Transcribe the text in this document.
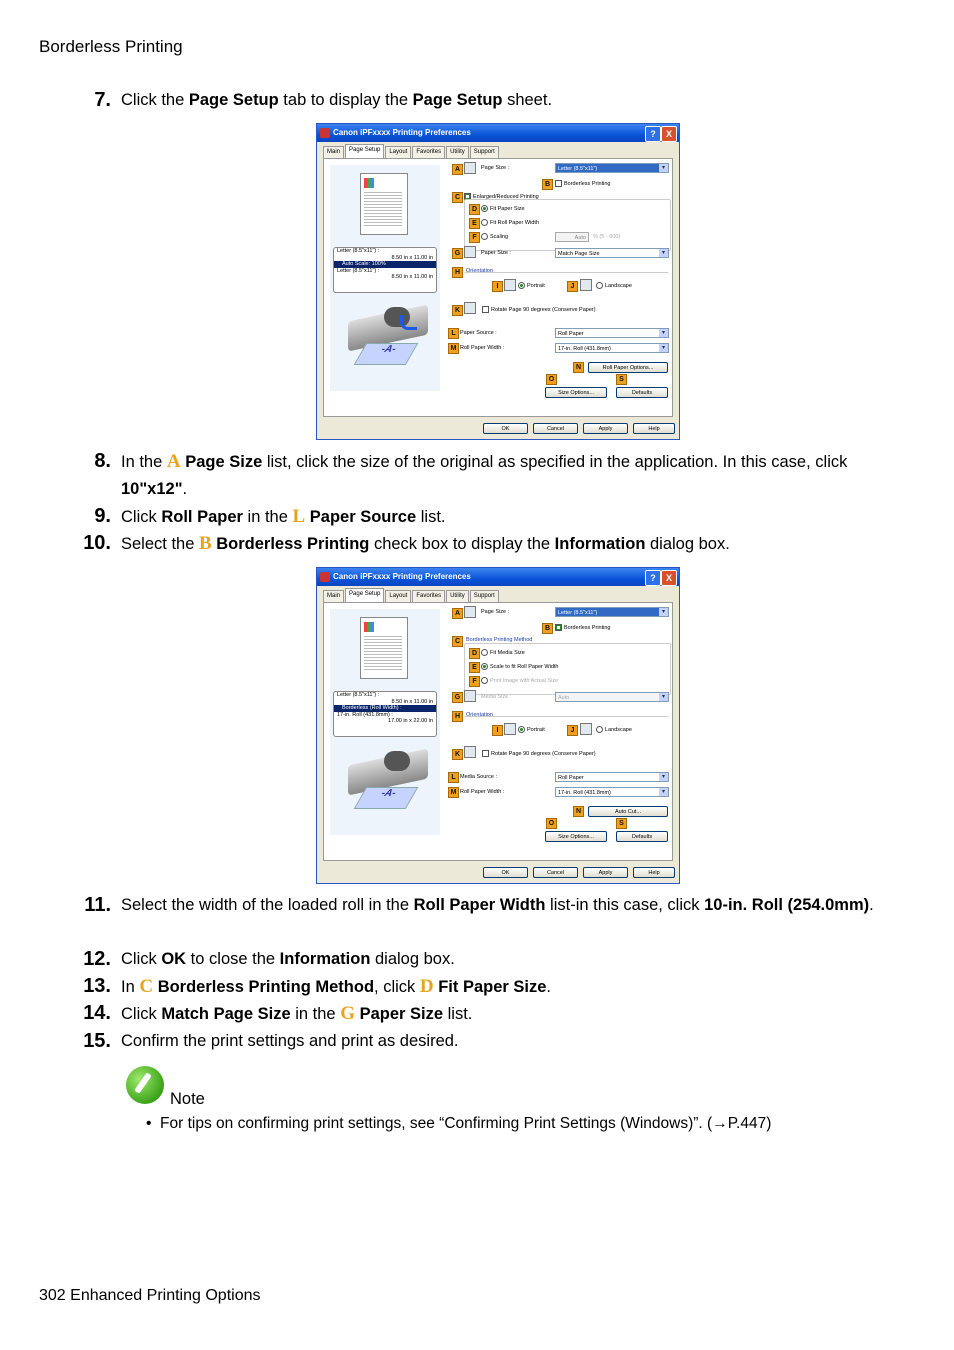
Borderless Printing
7. Click the Page Setup tab to display the Page Setup sheet.
Canon iPFxxxx Printing Preferences	?	X
Main	Page Setup	Layout	Favorites	Utility	Support
Letter (8.5"x11") :
8.50 in x 11.00 in
Auto Scale: 100%
Letter (8.5"x11") :
8.50 in x 11.00 in
-A-
A	Page Size :	Letter (8.5"x11") ▾
B	Borderless Printing
C	Enlarged/Reduced Printing
D	Fit Paper Size
E	Fit Roll Paper Width
F	Scaling	Auto	% (5 - 600)
G	Paper Size :	Match Page Size ▾
H	Orientation
I	Portrait	J	Landscape
K	Rotate Page 90 degrees (Conserve Paper)
L Paper Source :	Roll Paper ▾
M Roll Paper Width :	17-in. Roll (431.8mm) ▾
N	Roll Paper Options...
O	S
Size Options...	Defaults
OK	Cancel	Apply	Help
8. In the A Page Size list, click the size of the original as specified in the application. In this case, click 10"x12".
9. Click Roll Paper in the L Paper Source list.
10. Select the B Borderless Printing check box to display the Information dialog box.
Canon iPFxxxx Printing Preferences	?	X
Main	Page Setup	Layout	Favorites	Utility	Support
Letter (8.5"x11") :
8.50 in x 11.00 in
Borderless (Roll Width) :
17-in. Roll (431.8mm) :
17.00 in x 22.00 in
-A-
A	Page Size :	Letter (8.5"x11") ▾
B	Borderless Printing
C	Borderless Printing Method
D	Fit Media Size
E	Scale to fit Roll Paper Width
F	Print Image with Actual Size
G	Media Size :	Auto ▾
H	Orientation
I	Portrait	J	Landscape
K	Rotate Page 90 degrees (Conserve Paper)
L Media Source :	Roll Paper ▾
M Roll Paper Width :	17-in. Roll (431.8mm) ▾
N	Auto Cut...
O	S
Size Options...	Defaults
OK	Cancel	Apply	Help
11. Select the width of the loaded roll in the Roll Paper Width list-in this case, click 10-in. Roll (254.0mm).
12. Click OK to close the Information dialog box.
13. In C Borderless Printing Method, click D Fit Paper Size.
14. Click Match Page Size in the G Paper Size list.
15. Confirm the print settings and print as desired.
Note
•  For tips on confirming print settings, see “Confirming Print Settings (Windows)”. (→P.447)
302 Enhanced Printing Options
